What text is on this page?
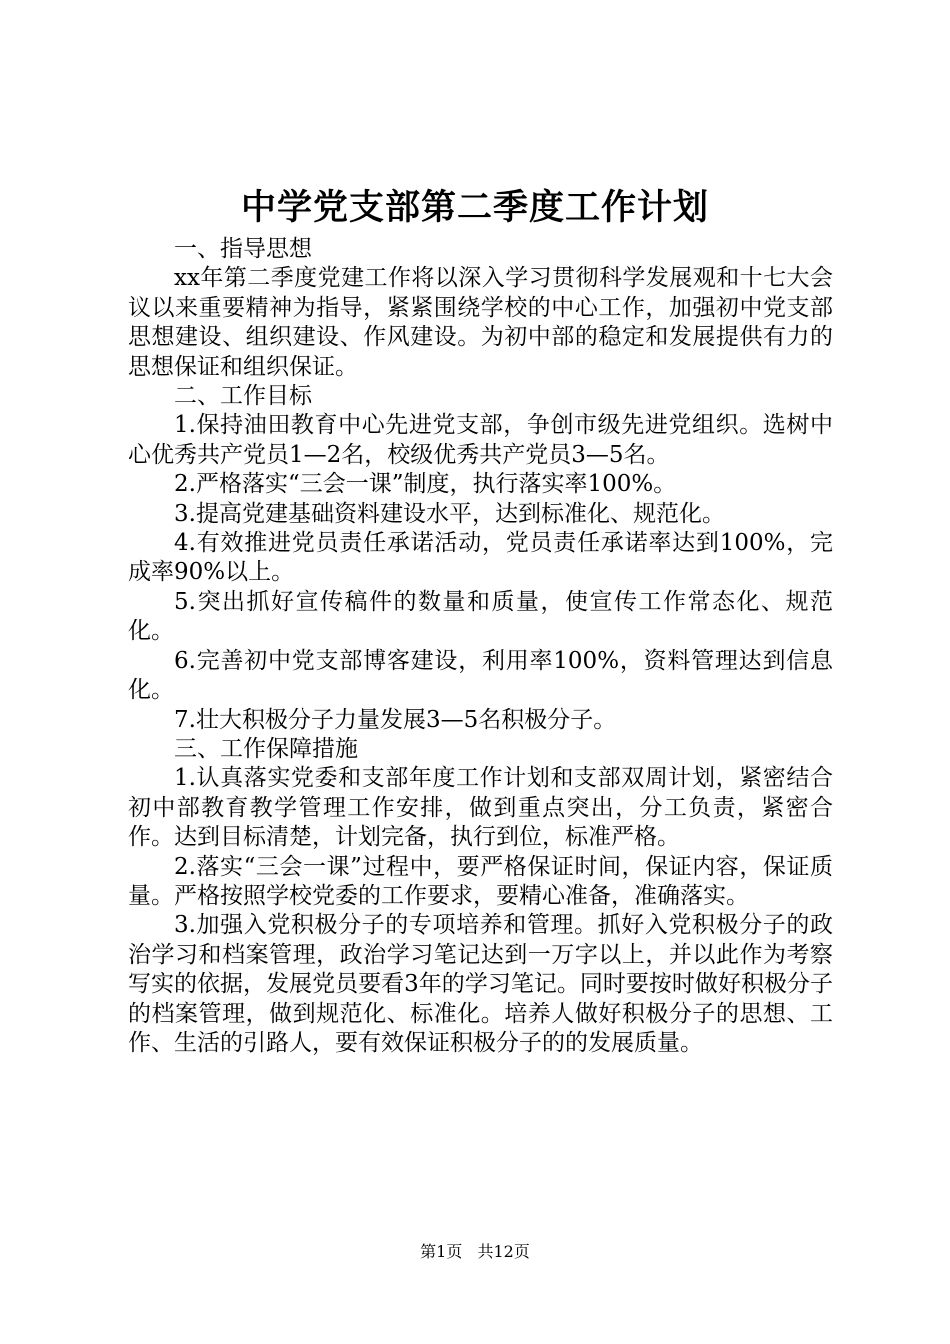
中学党支部第二季度工作计划

一、指导思想

xx年第二季度党建工作将以深入学习贯彻科学发展观和十七大会议以来重要精神为指导，紧紧围绕学校的中心工作，加强初中党支部思想建设、组织建设、作风建设。为初中部的稳定和发展提供有力的思想保证和组织保证。

二、工作目标

1.保持油田教育中心先进党支部，争创市级先进党组织。选树中心优秀共产党员1—2名，校级优秀共产党员3—5名。

2.严格落实“三会一课”制度，执行落实率100%。

3.提高党建基础资料建设水平，达到标准化、规范化。

4.有效推进党员责任承诺活动，党员责任承诺率达到100%，完成率90%以上。

5.突出抓好宣传稿件的数量和质量，使宣传工作常态化、规范化。

6.完善初中党支部博客建设，利用率100%，资料管理达到信息化。

7.壮大积极分子力量发展3—5名积极分子。

三、工作保障措施

1.认真落实党委和支部年度工作计划和支部双周计划，紧密结合初中部教育教学管理工作安排，做到重点突出，分工负责，紧密合作。达到目标清楚，计划完备，执行到位，标准严格。

2.落实“三会一课”过程中，要严格保证时间，保证内容，保证质量。严格按照学校党委的工作要求，要精心准备，准确落实。

3.加强入党积极分子的专项培养和管理。抓好入党积极分子的政治学习和档案管理，政治学习笔记达到一万字以上，并以此作为考察写实的依据，发展党员要看3年的学习笔记。同时要按时做好积极分子的档案管理，做到规范化、标准化。培养人做好积极分子的思想、工作、生活的引路人，要有效保证积极分子的的发展质量。

第1页 共12页
